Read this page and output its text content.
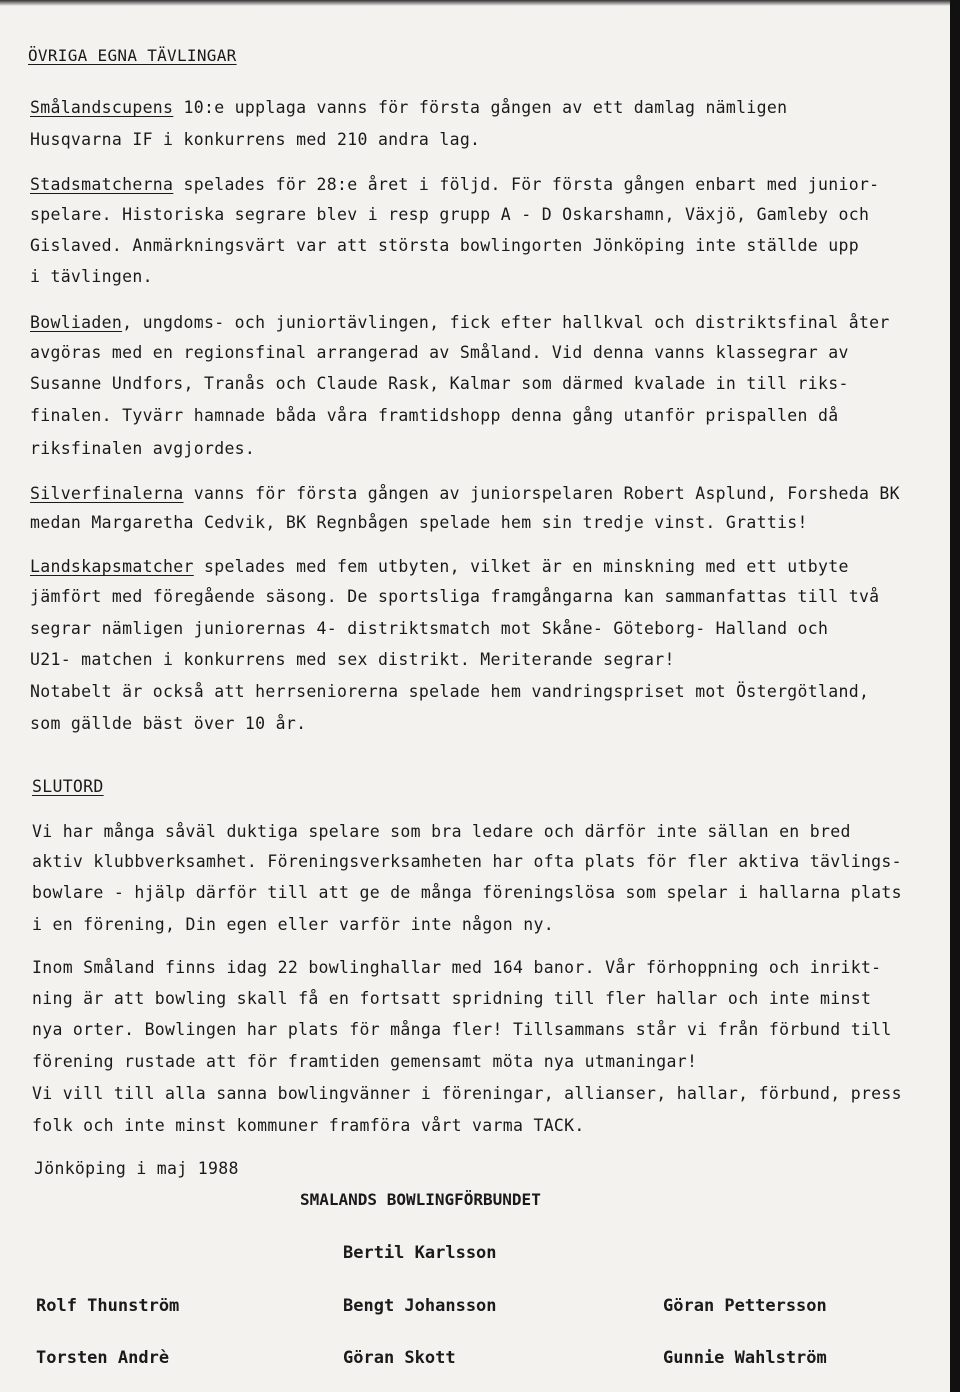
ÖVRIGA EGNA TÄVLINGAR
Smålandscupens 10:e upplaga vanns för första gången av ett damlag nämligen
Husqvarna IF i konkurrens med 210 andra lag.
Stadsmatcherna spelades för 28:e året i följd. För första gången enbart med junior-
spelare. Historiska segrare blev i resp grupp A - D Oskarshamn, Växjö, Gamleby och
Gislaved. Anmärkningsvärt var att största bowlingorten Jönköping inte ställde upp
i tävlingen.
Bowliaden, ungdoms- och juniortävlingen, fick efter hallkval och distriktsfinal åter
avgöras med en regionsfinal arrangerad av Småland. Vid denna vanns klassegrar av
Susanne Undfors, Tranås och Claude Rask, Kalmar som därmed kvalade in till riks-
finalen. Tyvärr hamnade båda våra framtidshopp denna gång utanför prispallen då
riksfinalen avgjordes.
Silverfinalerna vanns för första gången av juniorspelaren Robert Asplund, Forsheda BK
medan Margaretha Cedvik, BK Regnbågen spelade hem sin tredje vinst. Grattis!
Landskapsmatcher spelades med fem utbyten, vilket är en minskning med ett utbyte
jämfört med föregående säsong. De sportsliga framgångarna kan sammanfattas till två
segrar nämligen juniorernas 4- distriktsmatch mot Skåne- Göteborg- Halland och
U21- matchen i konkurrens med sex distrikt. Meriterande segrar!
Notabelt är också att herrseniorerna spelade hem vandringspriset mot Östergötland,
som gällde bäst över 10 år.
SLUTORD
Vi har många såväl duktiga spelare som bra ledare och därför inte sällan en bred
aktiv klubbverksamhet. Föreningsverksamheten har ofta plats för fler aktiva tävlings-
bowlare - hjälp därför till att ge de många föreningslösa som spelar i hallarna plats
i en förening, Din egen eller varför inte någon ny.
Inom Småland finns idag 22 bowlinghallar med 164 banor. Vår förhoppning och inrikt-
ning är att bowling skall få en fortsatt spridning till fler hallar och inte minst
nya orter. Bowlingen har plats för många fler! Tillsammans står vi från förbund till
förening rustade att för framtiden gemensamt möta nya utmaningar!
Vi vill till alla sanna bowlingvänner i föreningar, allianser, hallar, förbund, press
folk och inte minst kommuner framföra vårt varma TACK.
Jönköping i maj 1988
SMALANDS BOWLINGFÖRBUNDET
Bertil Karlsson
Rolf Thunström	Bengt Johansson	Göran Pettersson
Torsten Andrè	Göran Skott	Gunnie Wahlström
